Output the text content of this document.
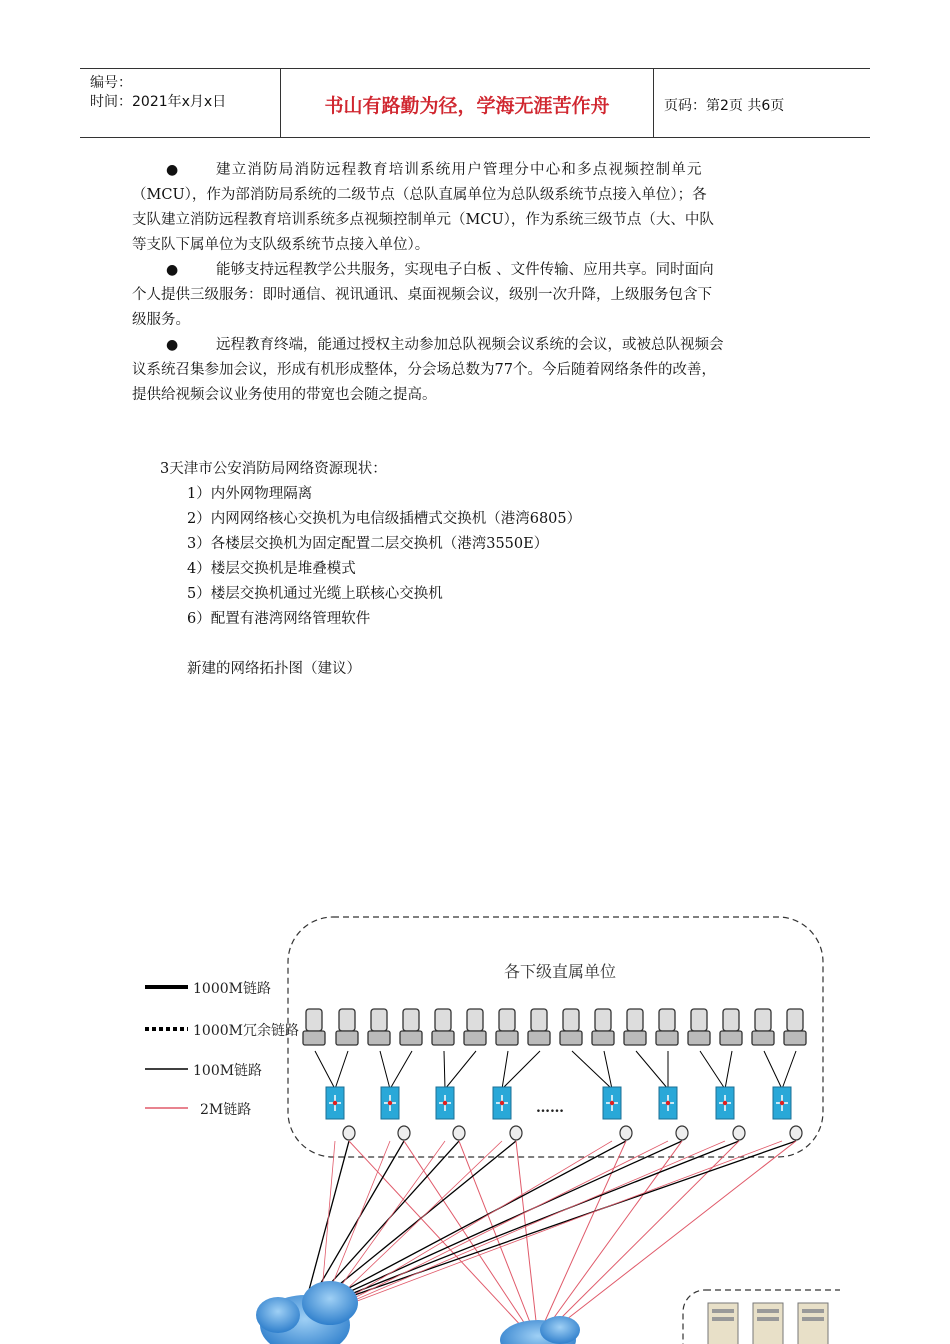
编号：
时间：2021年x月x日	书山有路勤为径，学海无涯苦作舟	页码：第2页 共6页
●	建立消防局消防远程教育培训系统用户管理分中心和多点视频控制单元
（MCU），作为部消防局系统的二级节点（总队直属单位为总队级系统节点接入单位）；各
支队建立消防远程教育培训系统多点视频控制单元（MCU），作为系统三级节点（大、中队
等支队下属单位为支队级系统节点接入单位）。
●	能够支持远程教学公共服务，实现电子白板 、文件传输、应用共享。同时面向
个人提供三级服务：即时通信、视讯通讯、桌面视频会议，级别一次升降，上级服务包含下
级服务。
●	远程教育终端，能通过授权主动参加总队视频会议系统的会议，或被总队视频会
议系统召集参加会议，形成有机形成整体，分会场总数为77个。今后随着网络条件的改善，
提供给视频会议业务使用的带宽也会随之提高。
3天津市公安消防局网络资源现状：
1）内外网物理隔离
2）内网网络核心交换机为电信级插槽式交换机（港湾6805）
3）各楼层交换机为固定配置二层交换机（港湾3550E）
4）楼层交换机是堆叠模式
5）楼层交换机通过光缆上联核心交换机
6）配置有港湾网络管理软件
新建的网络拓扑图（建议）
各下级直属单位
1000M链路
1000M冗余链路
100M链路
2M链路	……
